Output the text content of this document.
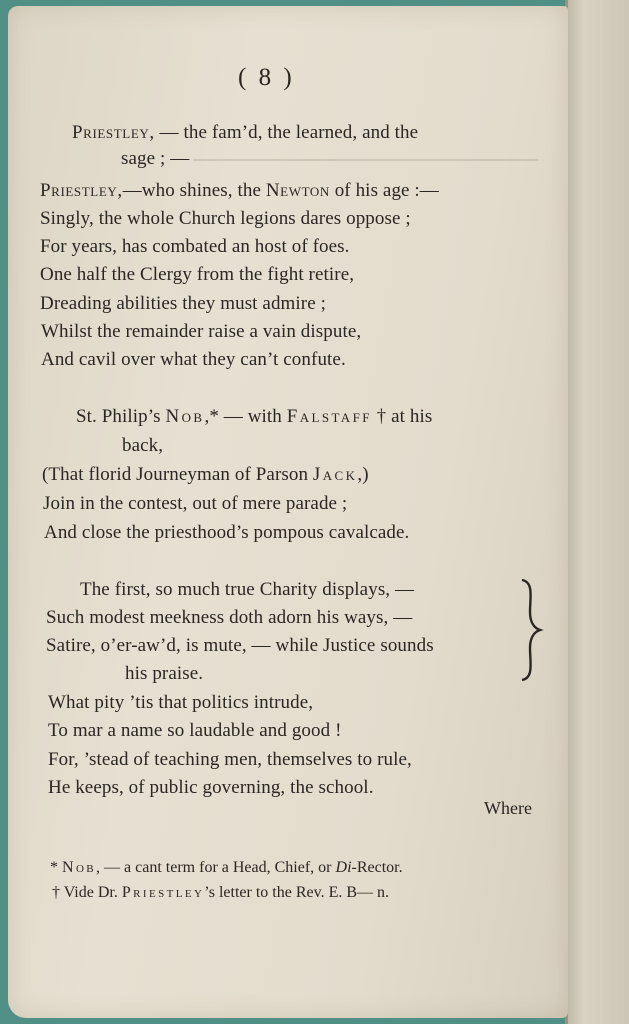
( 8 )
Priestley, — the fam’d, the learned, and the
sage ; —
Priestley,—who shines, the Newton of his age :—
Singly, the whole Church legions dares oppose ;
For years, has combated an host of foes.
One half the Clergy from the fight retire,
Dreading abilities they must admire ;
Whilst the remainder raise a vain dispute,
And cavil over what they can’t confute.
St. Philip’s Nob,* — with Falstaff † at his
back,
(That florid Journeyman of Parson Jack,)
Join in the contest, out of mere parade ;
And close the priesthood’s pompous cavalcade.
The first, so much true Charity displays, —
Such modest meekness doth adorn his ways, —
Satire, o’er-aw’d, is mute, — while Justice sounds
his praise.
What pity ’tis that politics intrude,
To mar a name so laudable and good !
For, ’stead of teaching men, themselves to rule,
He keeps, of public governing, the school.
Where
* Nob, — a cant term for a Head, Chief, or Di-Rector.
† Vide Dr. Priestley’s letter to the Rev. E. B— n.
